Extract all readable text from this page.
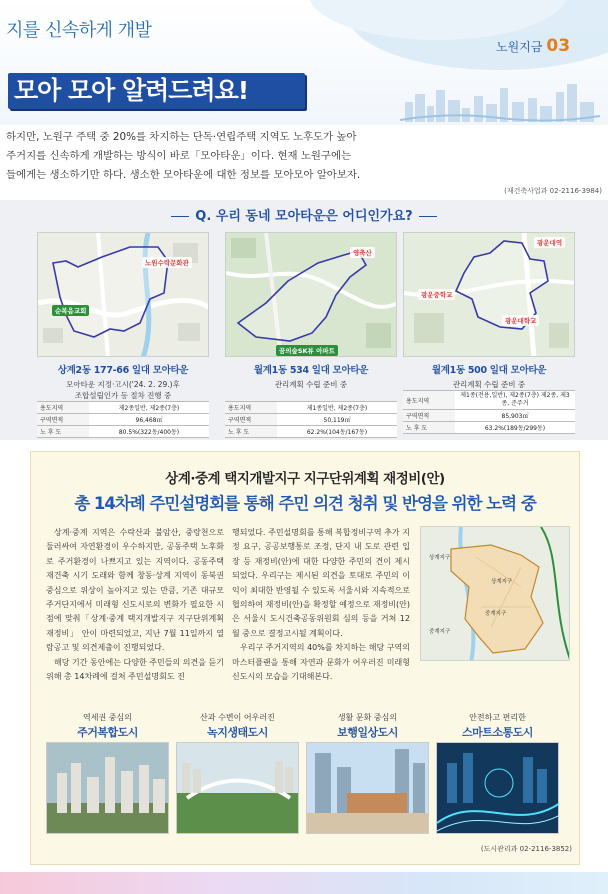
지를 신속하게 개발
모아 모아 알려드려요!
노원지금 03
하지만, 노원구 주택 중 20%를 차지하는 단독·연립주택 지역도 노후도가 높아
주거지를 신속하게 개발하는 방식이 바로「모아타운」이다. 현재 노원구에는
들에게는 생소하기만 하다. 생소한 모아타운에 대한 정보를 모아모아 알아보자.
(재건축사업과 02-2116-3984)
Q. 우리 동네 모아타운은 어디인가요?
노원수락문화관
순복음교회
영축산
꿈의숲SK뷰 아파트
광운대역
광운중학교
광운대학교
상계2동 177-66 일대 모아타운
모아타운 지정·고시('24. 2. 29.)후
조합설립인가 등 절차 진행 중
월계1동 534 일대 모아타운
관리계획 수립 준비 중
월계1동 500 일대 모아타운
관리계획 수립 준비 중
용도지역	제2종일반, 제2종(7층)
구역면적	96,468㎡
노 후 도	80.5%(322동/400동)
용도지역	제1종일반, 제2종(7층)
구역면적	50,119㎡
노 후 도	62.2%(104동/167동)
용도지역	제1종(전용,일반), 제2종(7층) 제2종, 제3종, 준주거
구역면적	85,903㎡
노 후 도	63.2%(189동/299동)
상계·중계 택지개발지구 지구단위계획 재정비(안)
총 14차례 주민설명회를 통해 주민 의견 청취 및 반영을 위한 노력 중

상계·중계 지역은 수락산과 불암산, 중랑천으로 둘러싸여 자연환경이 우수하지만, 공동주택 노후화로 주거환경이 나쁘지고 있는 지역이다. 공동주택 재건축 시기 도래와 함께 창동·상계 지역이 동북권 중심으로 위상이 높아지고 있는 만큼, 기존 대규모 주거단지에서 미래형 신도시로의 변화가 필요한 시점에 맞춰「상계·중계 택지개발지구 지구단위계획 재정비」 안이 마련되었고, 지난 7월 11일까지 열람공고 및 의견제출이 진행되었다.

해당 기간 동안에는 다양한 주민들의 의견을 듣기 위해 총 14차례에 걸쳐 주민설명회도 진

행되었다. 주민설명회를 통해 복합정비구역 추가 지정 요구, 공공보행통로 조정, 단지 내 도로 관련 입장 등 재정비(안)에 대한 다양한 주민의 견이 제시되었다. 우리구는 제시된 의견을 토대로 주민의 이익이 최대한 반영될 수 있도록 서울시와 지속적으로 협의하여 재정비(안)을 확정할 예정으로 재정비(안)은 서울시 도시건축공동위원회 심의 등을 거쳐 12월 중으로 결정고시될 계획이다.

우리구 주거지역의 40%를 차지하는 해당 구역의 마스터플랜을 통해 자연과 문화가 어우러진 미래형 신도시의 모습을 기대해본다.

상계지구
상계지구
중계지구
중계지구
역세권 중심의
주거복합도시
산과 수변이 어우러진
녹지생태도시
생활 문화 중심의
보행일상도시
안전하고 편리한
스마트소통도시
(도시관리과 02-2116-3852)
